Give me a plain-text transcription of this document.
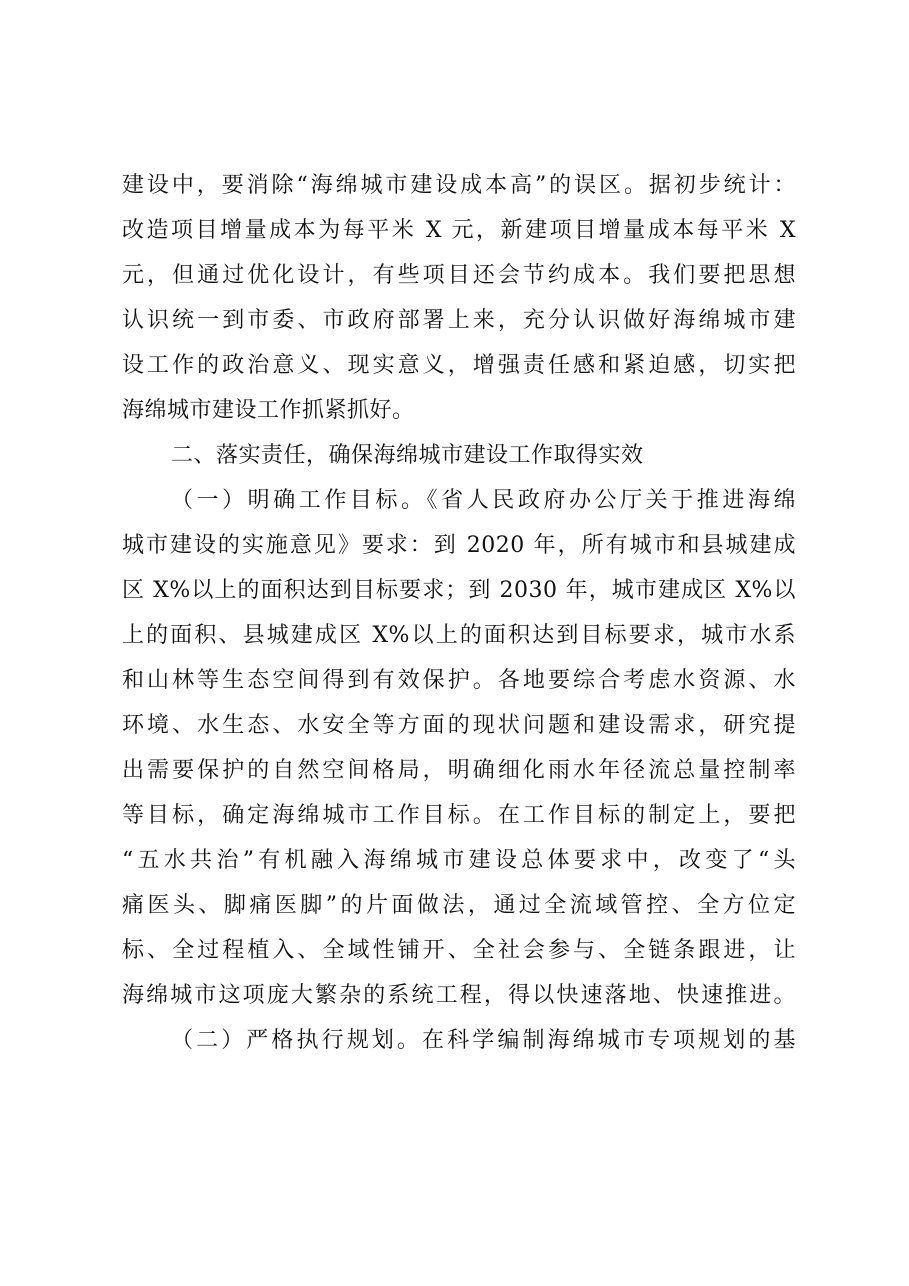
建设中，要消除“海绵城市建设成本高”的误区。据初步统计：

改造项目增量成本为每平米 X 元，新建项目增量成本每平米 X

元，但通过优化设计，有些项目还会节约成本。我们要把思想

认识统一到市委、市政府部署上来，充分认识做好海绵城市建

设工作的政治意义、现实意义，增强责任感和紧迫感，切实把

海绵城市建设工作抓紧抓好。

二、落实责任，确保海绵城市建设工作取得实效

（一）明确工作目标。《省人民政府办公厅关于推进海绵

城市建设的实施意见》要求：到 2020 年，所有城市和县城建成

区 X%以上的面积达到目标要求；到 2030 年，城市建成区 X%以

上的面积、县城建成区 X%以上的面积达到目标要求，城市水系

和山林等生态空间得到有效保护。各地要综合考虑水资源、水

环境、水生态、水安全等方面的现状问题和建设需求，研究提

出需要保护的自然空间格局，明确细化雨水年径流总量控制率

等目标，确定海绵城市工作目标。在工作目标的制定上，要把

“五水共治”有机融入海绵城市建设总体要求中，改变了“头

痛医头、脚痛医脚”的片面做法，通过全流域管控、全方位定

标、全过程植入、全域性铺开、全社会参与、全链条跟进，让

海绵城市这项庞大繁杂的系统工程，得以快速落地、快速推进。

（二）严格执行规划。在科学编制海绵城市专项规划的基
